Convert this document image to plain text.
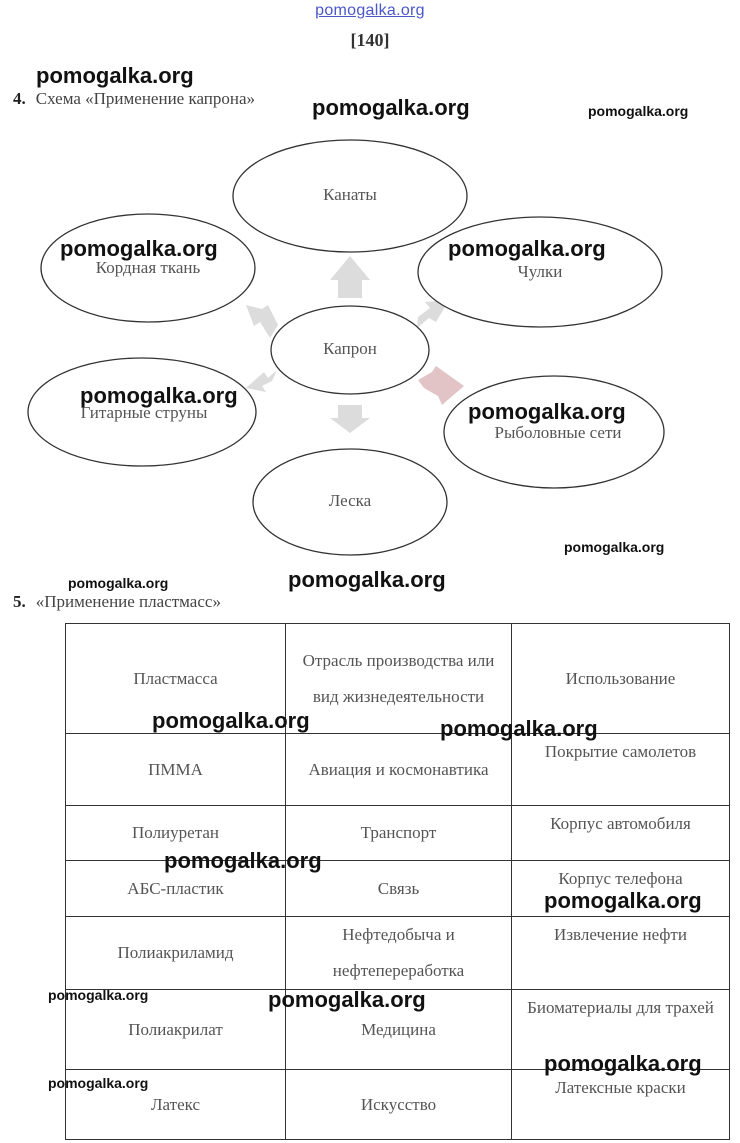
pomogalka.org
[140]
4. Схема «Применение капрона»
Канаты
Кордная ткань	Чулки
Капрон
Гитарные струны
Рыболовные сети
Леска
5. «Применение пластмасс»
Пластмасса	Отрасль производства или вид жизнедеятельности	Использование
ПММА	Авиация и космонавтика	Покрытие самолетов
Полиуретан	Транспорт	Корпус автомобиля
АБС-пластик	Связь	Корпус телефона
Полиакриламид	Нефтедобыча и нефтепереработка	Извлечение нефти
Полиакрилат	Медицина	Биоматериалы для трахей
Латекс	Искусство	Латексные краски
pomogalka.org
pomogalka.org	pomogalka.org
pomogalka.org	pomogalka.org
pomogalka.org
pomogalka.org
pomogalka.org
pomogalka.org
pomogalka.org
pomogalka.org	pomogalka.org
pomogalka.org
pomogalka.org
pomogalka.org	pomogalka.org
pomogalka.org
pomogalka.org
